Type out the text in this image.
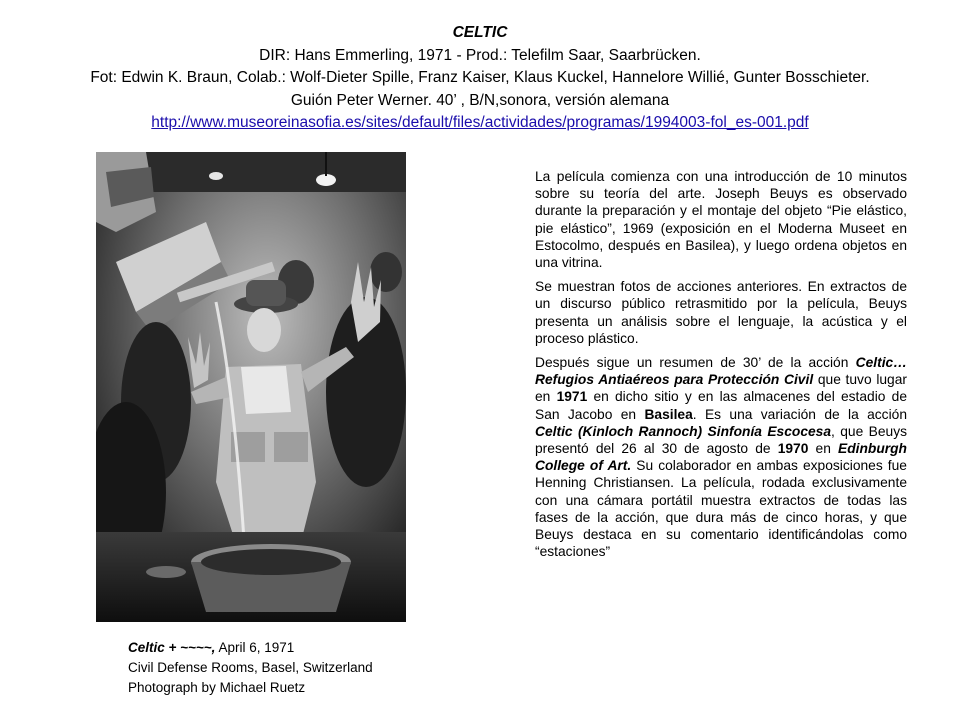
CELTIC
DIR: Hans Emmerling, 1971 - Prod.: Telefilm Saar, Saarbrücken.
Fot: Edwin K. Braun, Colab.: Wolf-Dieter Spille, Franz Kaiser, Klaus Kuckel, Hannelore Willié, Gunter Bosschieter.
Guión Peter Werner. 40’ , B/N,sonora, versión alemana
http://www.museoreinasofia.es/sites/default/files/actividades/programas/1994003-fol_es-001.pdf
Celtic + ~~~~, April 6, 1971
Civil Defense Rooms, Basel, Switzerland
Photograph by Michael Ruetz

La película comienza con una introducción de 10 minutos sobre su teoría del arte. Joseph Beuys es observado durante la preparación y el montaje del objeto “Pie elástico, pie elástico”, 1969 (exposición en el Moderna Museet en Estocolmo, después en Basilea), y luego ordena objetos en una vitrina.

Se muestran fotos de acciones anteriores. En extractos de un discurso público retrasmitido por la película, Beuys presenta un análisis sobre el lenguaje, la acústica y el proceso plástico.

Después sigue un resumen de 30’ de la acción Celtic… Refugios Antiaéreos para Protección Civil que tuvo lugar en 1971 en dicho sitio y en las almacenes del estadio de San Jacobo en Basilea. Es una variación de la acción Celtic (Kinloch Rannoch) Sinfonía Escocesa, que Beuys presentó del 26 al 30 de agosto de 1970 en Edinburgh College of Art. Su colaborador en ambas exposiciones fue Henning Christiansen. La película, rodada exclusivamente con una cámara portátil muestra extractos de todas las fases de la acción, que dura más de cinco horas, y que Beuys destaca en su comentario identificándolas como “estaciones”
